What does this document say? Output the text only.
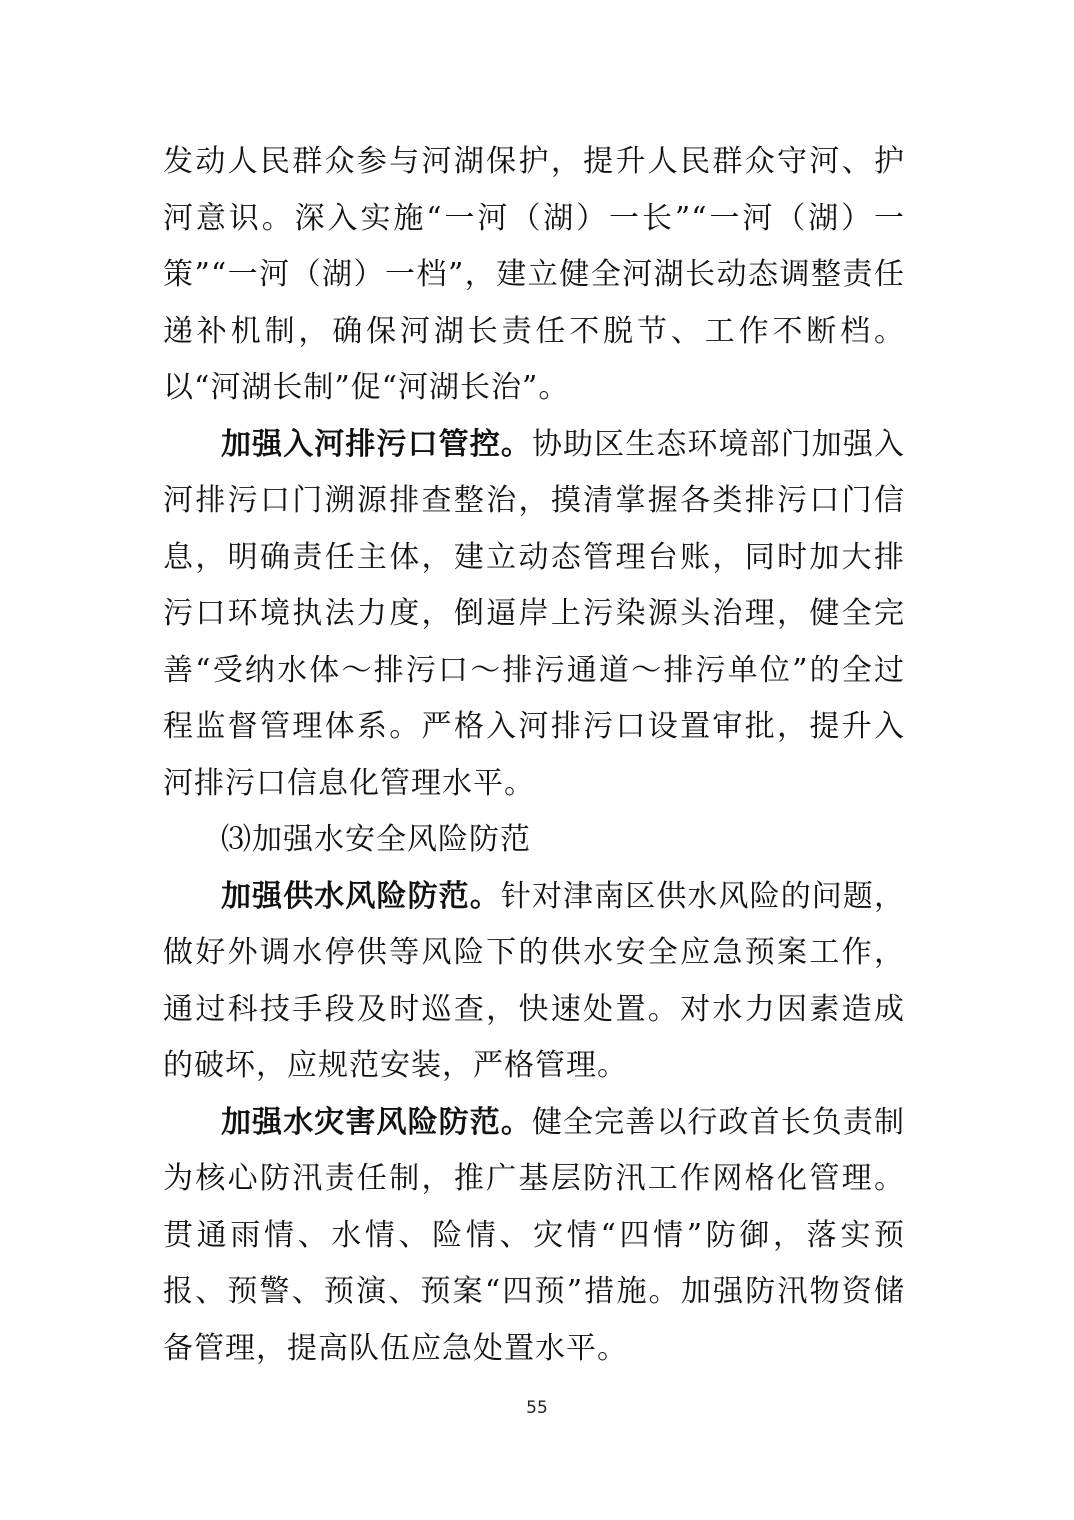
发动人民群众参与河湖保护，提升人民群众守河、护河意识。深入实施“一河（湖）一长”“一河（湖）一策”“一河（湖）一档”，建立健全河湖长动态调整责任递补机制，确保河湖长责任不脱节、工作不断档。以“河湖长制”促“河湖长治”。

加强入河排污口管控。协助区生态环境部门加强入河排污口门溯源排查整治，摸清掌握各类排污口门信息，明确责任主体，建立动态管理台账，同时加大排污口环境执法力度，倒逼岸上污染源头治理，健全完善“受纳水体～排污口～排污通道～排污单位”的全过程监督管理体系。严格入河排污口设置审批，提升入河排污口信息化管理水平。

⑶加强水安全风险防范

加强供水风险防范。针对津南区供水风险的问题，做好外调水停供等风险下的供水安全应急预案工作，通过科技手段及时巡查，快速处置。对水力因素造成的破坏，应规范安装，严格管理。

加强水灾害风险防范。健全完善以行政首长负责制为核心防汛责任制，推广基层防汛工作网格化管理。贯通雨情、水情、险情、灾情“四情”防御，落实预报、预警、预演、预案“四预”措施。加强防汛物资储备管理，提高队伍应急处置水平。

55
